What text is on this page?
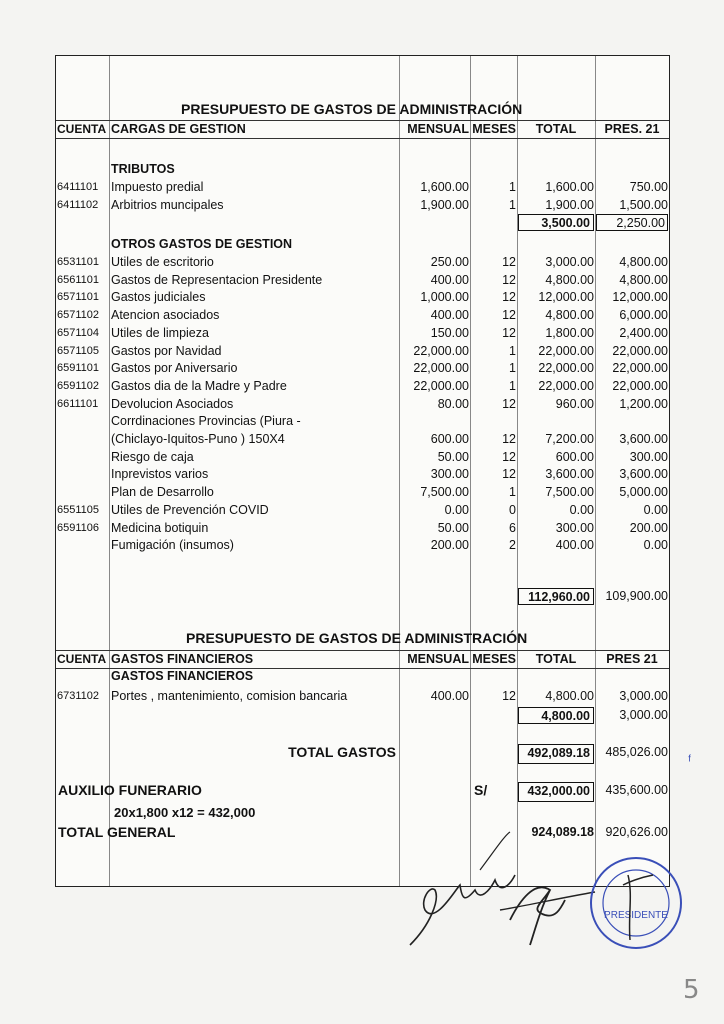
PRESUPUESTO DE GASTOS DE ADMINISTRACIÓN
CUENTA CARGAS DE GESTION	MENSUAL MESES	TOTAL	PRES. 21
TRIBUTOS
6411101	Impuesto predial	1,600.00	1	1,600.00	750.00
6411102	Arbitrios muncipales	1,900.00	1	1,900.00	1,500.00
3,500.00	2,250.00
OTROS GASTOS DE GESTION
6531101 Utiles de escritorio	250.00	12	3,000.00	4,800.00
6561101 Gastos de Representacion Presidente	400.00	12	4,800.00	4,800.00
6571101 Gastos judiciales	1,000.00	12	12,000.00	12,000.00
6571102 Atencion asociados	400.00	12	4,800.00	6,000.00
6571104 Utiles de limpieza	150.00	12	1,800.00	2,400.00
6571105 Gastos por Navidad	22,000.00	1	22,000.00	22,000.00
6591101 Gastos por Aniversario	22,000.00	1	22,000.00	22,000.00
6591102 Gastos dia de la Madre y Padre	22,000.00	1	22,000.00	22,000.00
6611101	Devolucion Asociados	80.00	12	960.00	1,200.00
Corrdinaciones Provincias (Piura -
(Chiclayo-Iquitos-Puno ) 150X4	600.00	12	7,200.00	3,600.00
Riesgo de caja	50.00	12	600.00	300.00
Inprevistos varios	300.00	12	3,600.00	3,600.00
Plan de Desarrollo	7,500.00	1	7,500.00	5,000.00
6551105 Utiles de Prevención COVID	0.00	0	0.00	0.00
6591106 Medicina botiquin	50.00	6	300.00	200.00
Fumigación (insumos)	200.00	2	400.00	0.00
112,960.00	109,900.00
PRESUPUESTO DE GASTOS DE ADMINISTRACIÓN
CUENTA GASTOS FINANCIEROS	MENSUAL MESES	TOTAL	PRES 21
GASTOS FINANCIEROS
6731102 Portes , mantenimiento, comision bancaria	400.00	12	4,800.00	3,000.00
4,800.00	3,000.00
TOTAL GASTOS	492,089.18	485,026.00
AUXILIO FUNERARIO	S/	432,000.00	435,600.00
20x1,800 x12 = 432,000
TOTAL GENERAL	924,089.18 920,626.00
PRESIDENTE
ᶠ
5
